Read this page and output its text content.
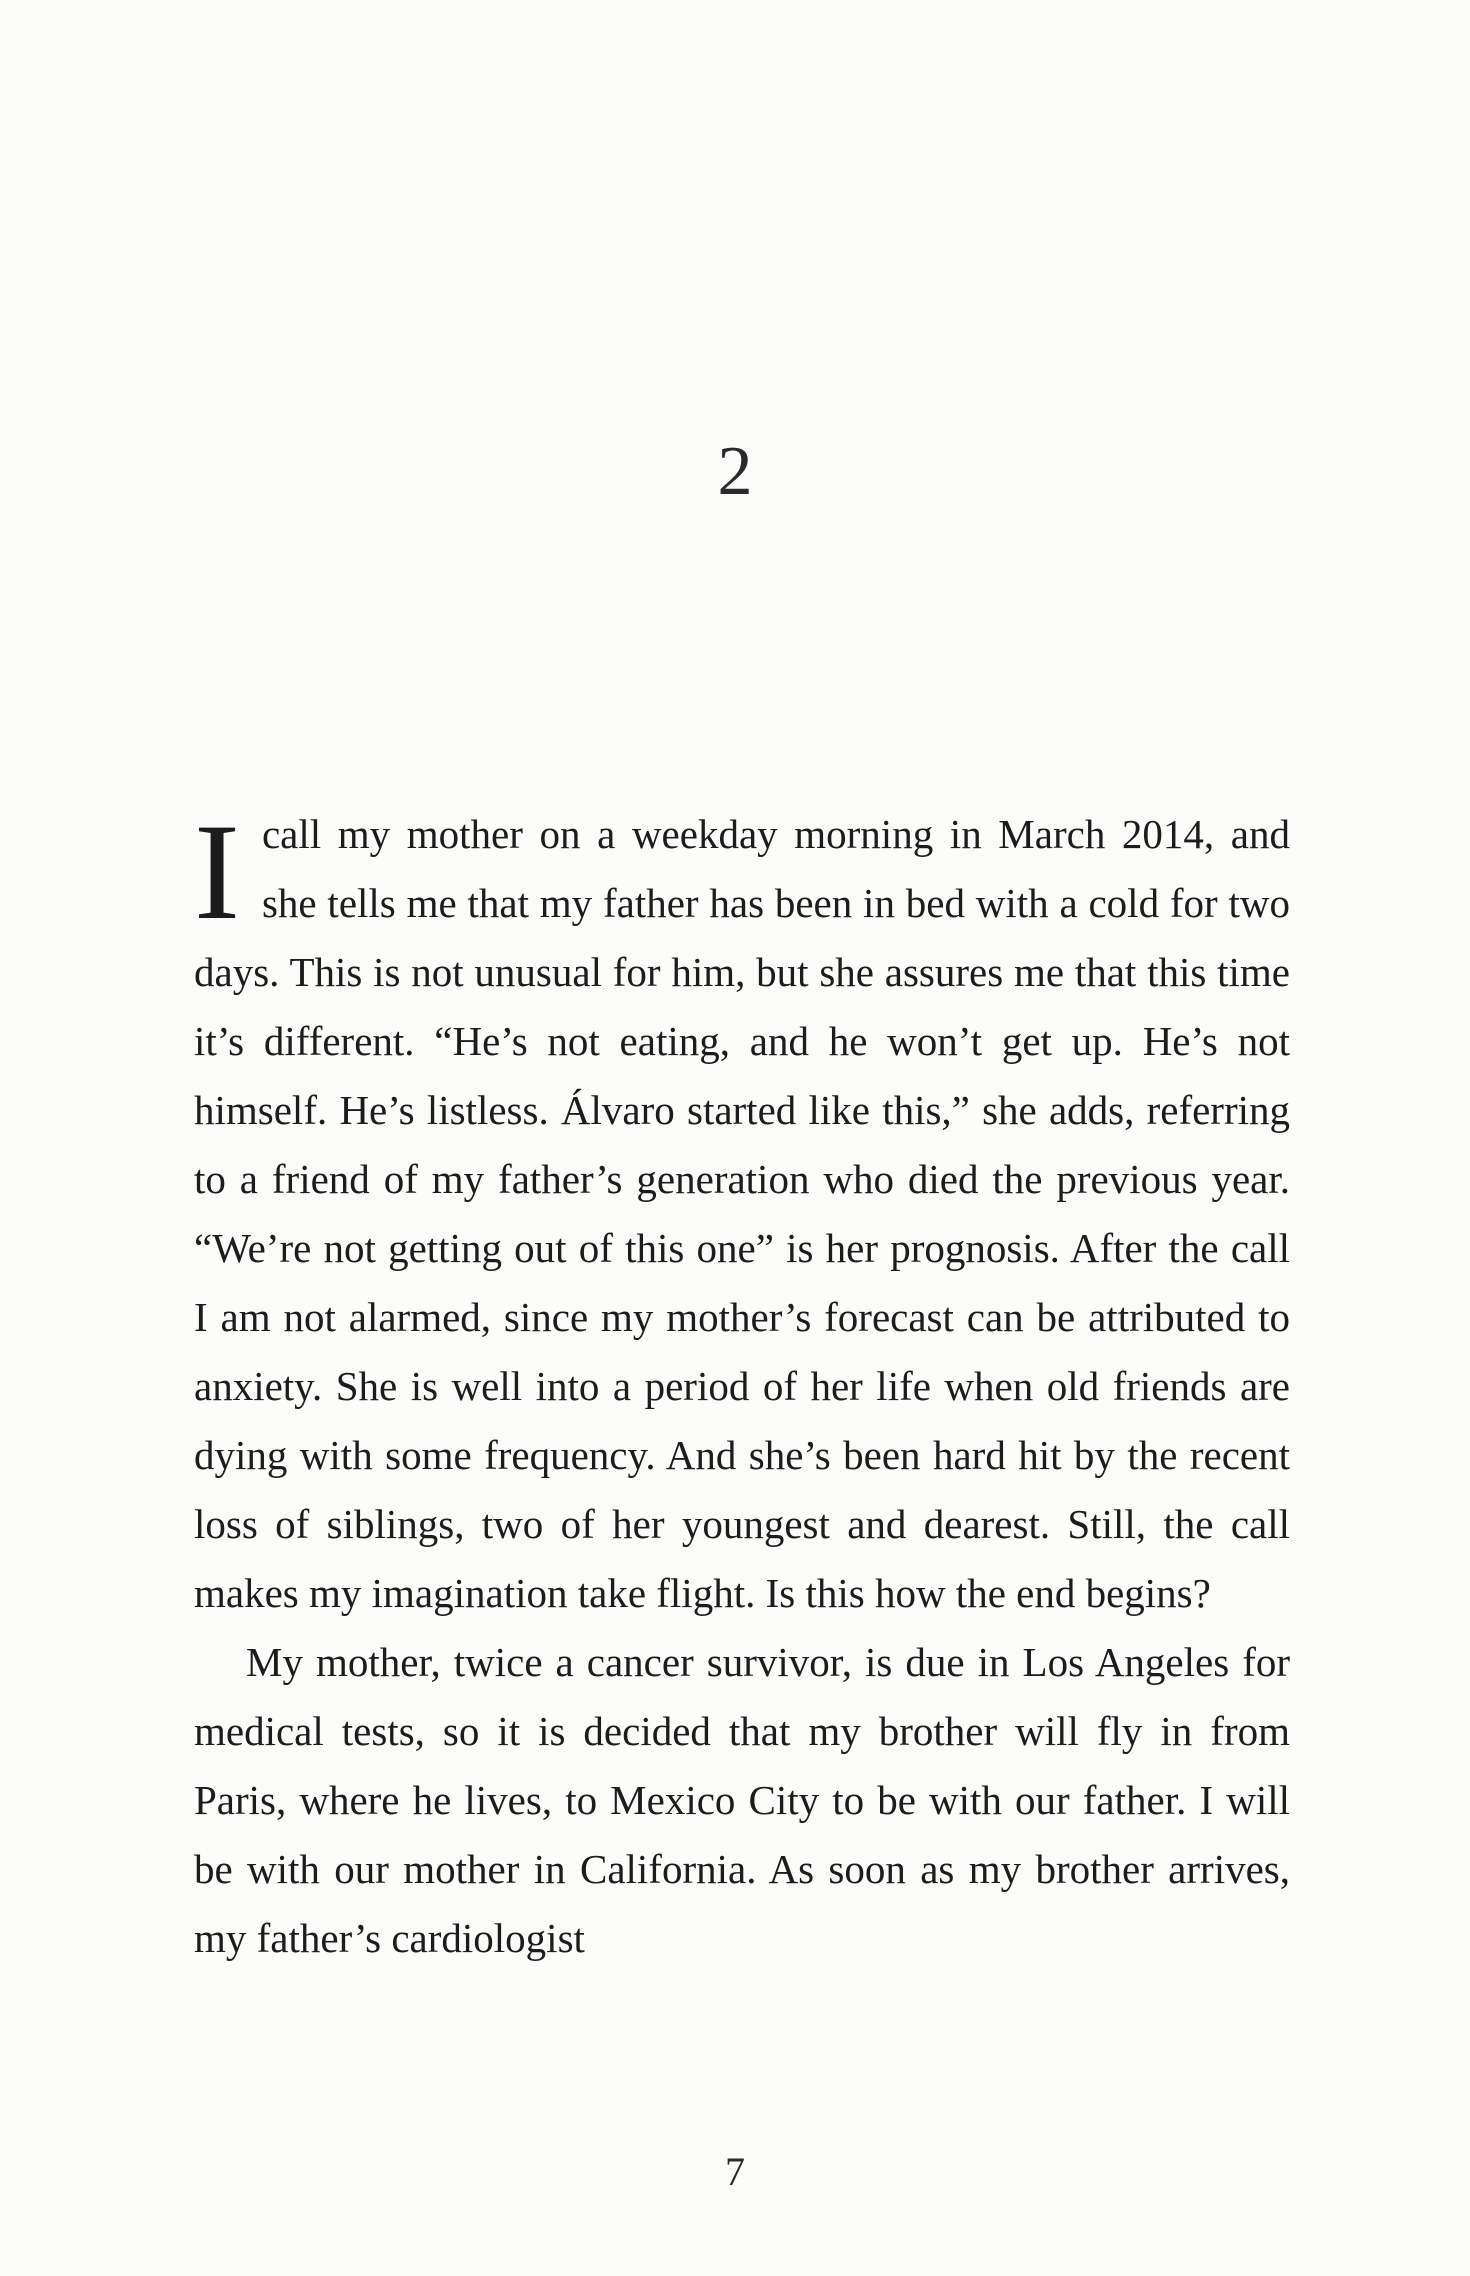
2

Icall my mother on a weekday morning in March 2014, and she tells me that my father has been in bed with a cold for two days. This is not unusual for him, but she assures me that this time it’s different. “He’s not eating, and he won’t get up. He’s not himself. He’s listless. Álvaro started like this,” she adds, referring to a friend of my father’s generation who died the previous year. “We’re not getting out of this one” is her prognosis. After the call I am not alarmed, since my mother’s forecast can be attributed to anxiety. She is well into a period of her life when old friends are dying with some frequency. And she’s been hard hit by the recent loss of siblings, two of her youngest and dearest. Still, the call makes my imagination take flight. Is this how the end begins?

My mother, twice a cancer survivor, is due in Los Angeles for medical tests, so it is decided that my brother will fly in from Paris, where he lives, to Mexico City to be with our father. I will be with our mother in California. As soon as my brother arrives, my father’s cardiologist

7
